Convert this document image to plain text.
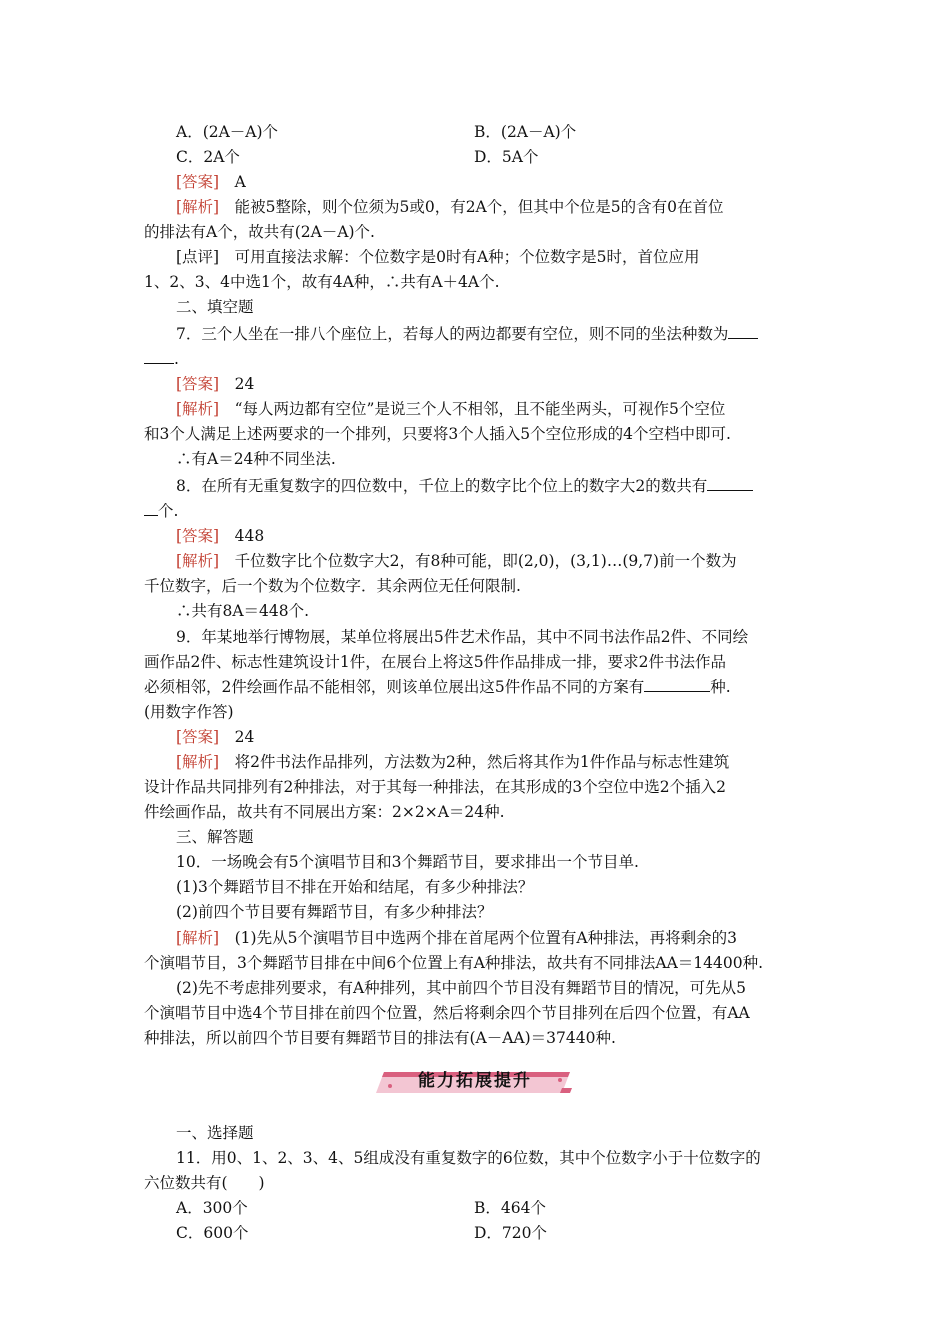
A．(2A－A)个	B．(2A－A)个
C．2A个	D．5A个
[答案]　A
[解析]　能被5整除，则个位须为5或0，有2A个，但其中个位是5的含有0在首位
的排法有A个，故共有(2A－A)个.
[点评]　可用直接法求解：个位数字是0时有A种；个位数字是5时，首位应用
1、2、3、4中选1个，故有4A种，∴共有A＋4A个.
二、填空题
7．三个人坐在一排八个座位上，若每人的两边都要有空位，则不同的坐法种数为
.
[答案]　24
[解析]　“每人两边都有空位”是说三个人不相邻，且不能坐两头，可视作5个空位
和3个人满足上述两要求的一个排列，只要将3个人插入5个空位形成的4个空档中即可.
∴有A＝24种不同坐法.
8．在所有无重复数字的四位数中，千位上的数字比个位上的数字大2的数共有
个.
[答案]　448
[解析]　千位数字比个位数字大2，有8种可能，即(2,0)，(3,1)…(9,7)前一个数为
千位数字，后一个数为个位数字．其余两位无任何限制.
∴共有8A＝448个.
9．年某地举行博物展，某单位将展出5件艺术作品，其中不同书法作品2件、不同绘
画作品2件、标志性建筑设计1件，在展台上将这5件作品排成一排，要求2件书法作品
必须相邻，2件绘画作品不能相邻，则该单位展出这5件作品不同的方案有	种.
(用数字作答)
[答案]　24
[解析]　将2件书法作品排列，方法数为2种，然后将其作为1件作品与标志性建筑
设计作品共同排列有2种排法，对于其每一种排法，在其形成的3个空位中选2个插入2
件绘画作品，故共有不同展出方案：2×2×A＝24种.
三、解答题
10．一场晚会有5个演唱节目和3个舞蹈节目，要求排出一个节目单.
(1)3个舞蹈节目不排在开始和结尾，有多少种排法？
(2)前四个节目要有舞蹈节目，有多少种排法？
[解析]　(1)先从5个演唱节目中选两个排在首尾两个位置有A种排法，再将剩余的3
个演唱节目，3个舞蹈节目排在中间6个位置上有A种排法，故共有不同排法AA＝14400种.
(2)先不考虑排列要求，有A种排列，其中前四个节目没有舞蹈节目的情况，可先从5
个演唱节目中选4个节目排在前四个位置，然后将剩余四个节目排列在后四个位置，有AA
种排法，所以前四个节目要有舞蹈节目的排法有(A－AA)＝37440种.
能力拓展提升
一、选择题
11．用0、1、2、3、4、5组成没有重复数字的6位数，其中个位数字小于十位数字的
六位数共有(　　)
A．300个	B．464个
C．600个	D．720个
